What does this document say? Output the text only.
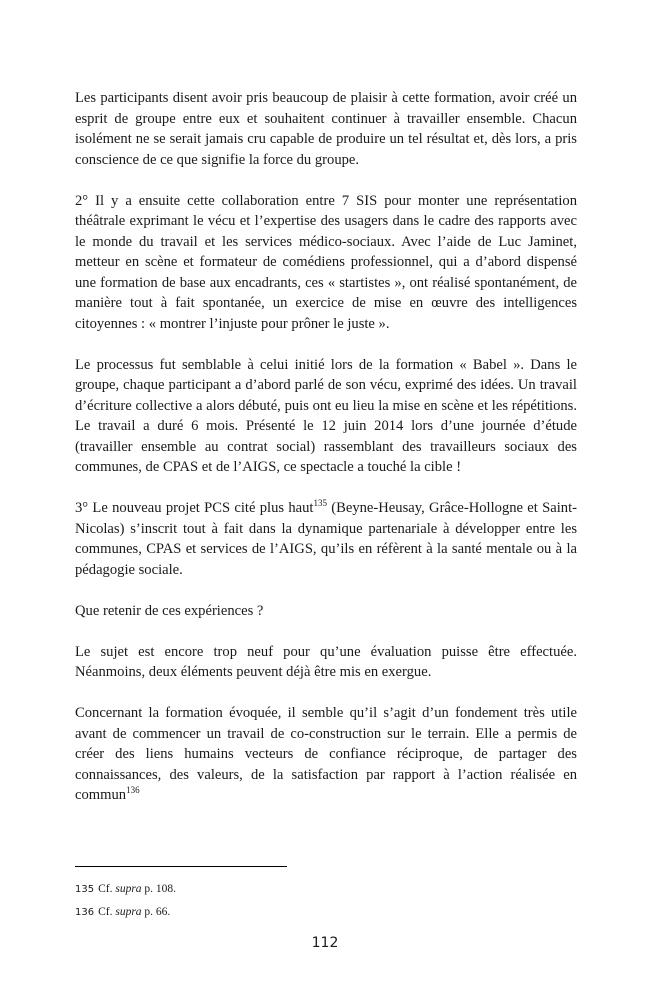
Les participants disent avoir pris beaucoup de plaisir à cette formation, avoir créé un esprit de groupe entre eux et souhaitent continuer à travailler ensemble. Chacun isolément ne se serait jamais cru capable de produire un tel résultat et, dès lors, a pris conscience de ce que signifie la force du groupe.

2° Il y a ensuite cette collaboration entre 7 SIS pour monter une représentation théâtrale exprimant le vécu et l’expertise des usagers dans le cadre des rapports avec le monde du travail et les services médico-sociaux. Avec l’aide de Luc Jaminet, metteur en scène et formateur de comédiens professionnel, qui a d’abord dispensé une formation de base aux encadrants, ces « startistes », ont réalisé spontanément, de manière tout à fait spontanée, un exercice de mise en œuvre des intelligences citoyennes : « montrer l’injuste pour prôner le juste ».

Le processus fut semblable à celui initié lors de la formation « Babel ». Dans le groupe, chaque participant a d’abord parlé de son vécu, exprimé des idées. Un travail d’écriture collective a alors débuté, puis ont eu lieu la mise en scène et les répétitions. Le travail a duré 6 mois. Présenté le 12 juin 2014 lors d’une journée d’étude (travailler ensemble au contrat social) rassemblant des travailleurs sociaux des communes, de CPAS et de l’AIGS, ce spectacle a touché la cible !

3° Le nouveau projet PCS cité plus haut$^{135}$ (Beyne-Heusay, Grâce-Hollogne et Saint-Nicolas) s’inscrit tout à fait dans la dynamique partenariale à développer entre les communes, CPAS et services de l’AIGS, qu’ils en réfèrent à la santé mentale ou à la pédagogie sociale.

Que retenir de ces expériences ?

Le sujet est encore trop neuf pour qu’une évaluation puisse être effectuée. Néanmoins, deux éléments peuvent déjà être mis en exergue.

Concernant la formation évoquée, il semble qu’il s’agit d’un fondement très utile avant de commencer un travail de co-construction sur le terrain. Elle a permis de créer des liens humains vecteurs de confiance réciproque, de partager des connaissances, des valeurs, de la satisfaction par rapport à l’action réalisée en commun$^{136}$

135 Cf. supra p. 108.
136 Cf. supra p. 66.
112
